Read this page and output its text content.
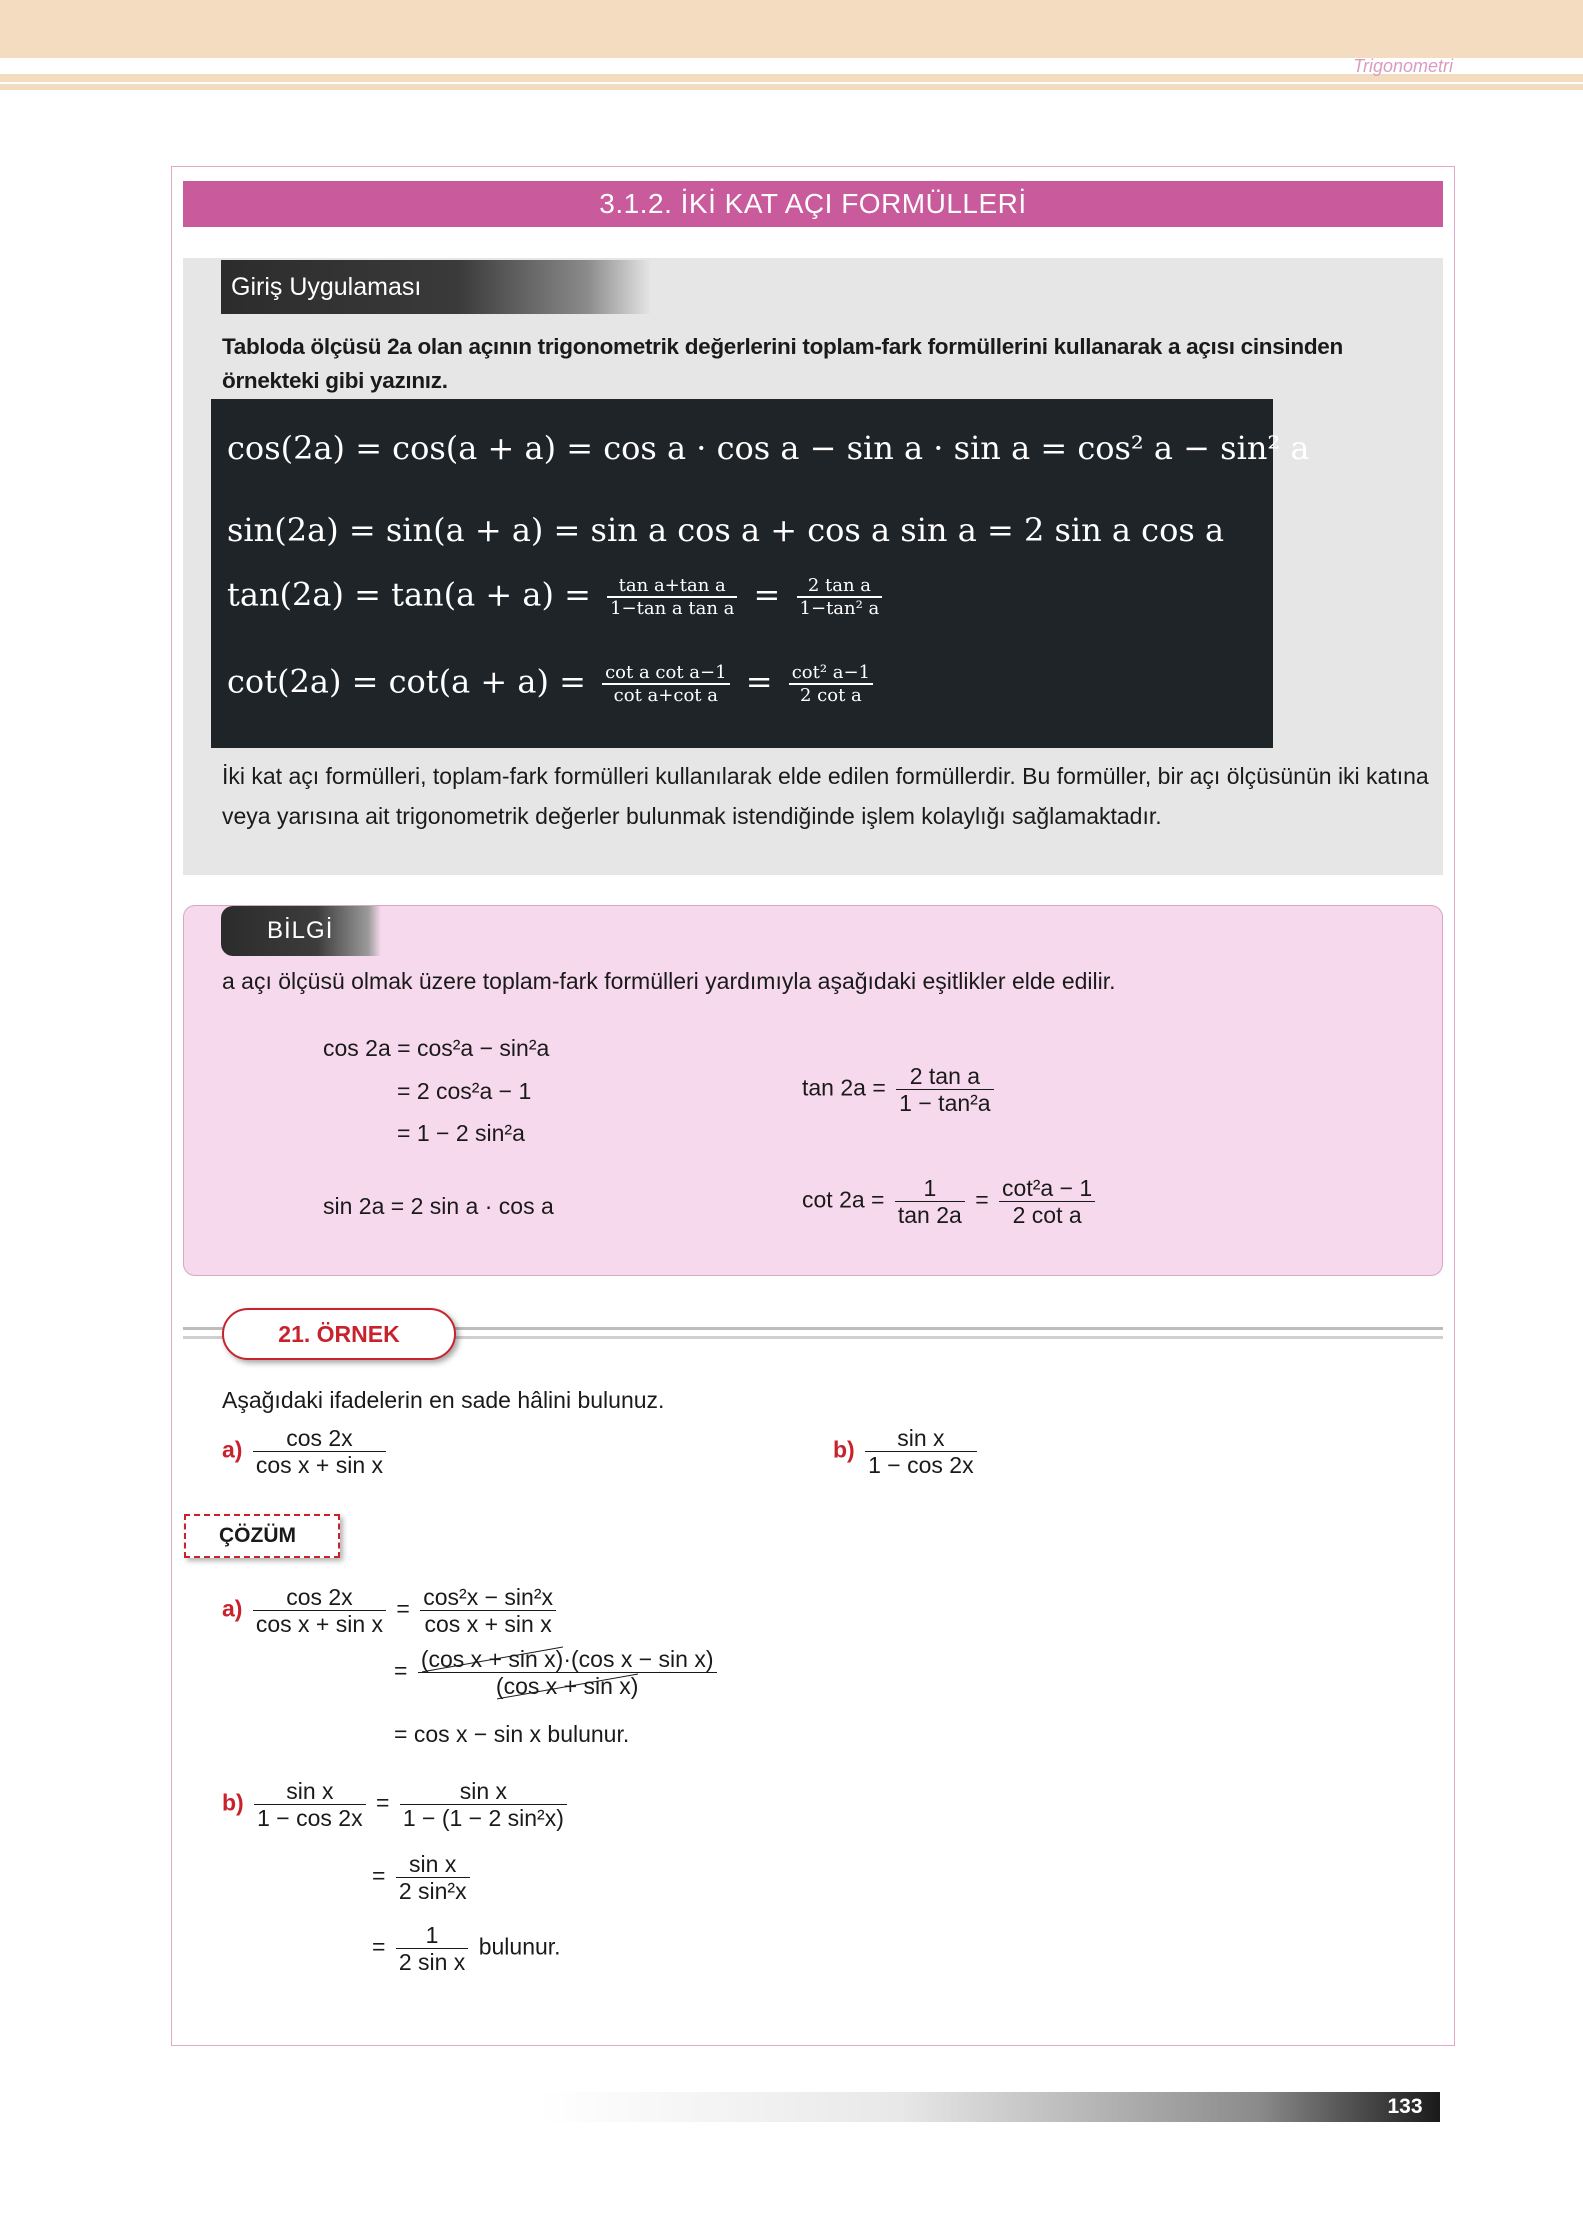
Trigonometri
3.1.2. İKİ KAT AÇI FORMÜLLERİ
Giriş Uygulaması
Tabloda ölçüsü 2a olan açının trigonometrik değerlerini toplam-fark formüllerini kullanarak a açısı cinsinden örnekteki gibi yazınız.
cos(2a) = cos(a + a) = cos a · cos a − sin a · sin a = cos² a − sin² a
sin(2a) = sin(a + a) = sin a cos a + cos a sin a = 2 sin a cos a
$\tan(2a) = \tan(a + a) = \frac{\text{tan a+tan a}}{\text{1−tan a tan a}} = \frac{\text{2 tan a}}{\text{1−tan² a}}$
$\cot(2a) = \cot(a + a) = \frac{\text{cot a cot a−1}}{\text{cot a+cot a}} = \frac{\text{cot² a−1}}{\text{2 cot a}}$
İki kat açı formülleri, toplam-fark formülleri kullanılarak elde edilen formüllerdir. Bu formüller, bir açı ölçüsünün iki katına veya yarısına ait trigonometrik değerler bulunmak istendiğinde işlem kolaylığı sağlamaktadır.
BİLGİ
a açı ölçüsü olmak üzere toplam-fark formülleri yardımıyla aşağıdaki eşitlikler elde edilir.
cos 2a = cos²a − sin²a
= 2 cos²a − 1
= 1 − 2 sin²a
sin 2a = 2 sin a · cos a
$\tan 2a = \frac{\text{2 tan a}}{\text{1 − tan²a}}$
$\cot 2a = \frac{1}{\tan 2a} = \frac{\text{cot²a − 1}}{\text{2 cot a}}$
21. ÖRNEK
Aşağıdaki ifadelerin en sade hâlini bulunuz.
$a) \frac{\cos 2x}{\text{cos x + sin x}}$	$b) \frac{\text{sin x}}{1 - \cos 2x}$
ÇÖZÜM
$a) \frac{\cos 2x}{\text{cos x + sin x}} = \frac{\text{cos²x − sin²x}}{\text{cos x + sin x}}$
= $\frac{\text{(cos x + sin x)·(cos x − sin x)}}{\text{(cos x + sin x)}}$
= cos x − sin x bulunur.
$b) \frac{\text{sin x}}{1 - \cos 2x} = \frac{\text{sin x}}{\text{1 − (1 − 2 sin²x)}}$
= $\frac{\text{sin x}}{\text{2 sin²x}}$
= $\frac{1}{\text{2 sin x}}$ bulunur.
133
